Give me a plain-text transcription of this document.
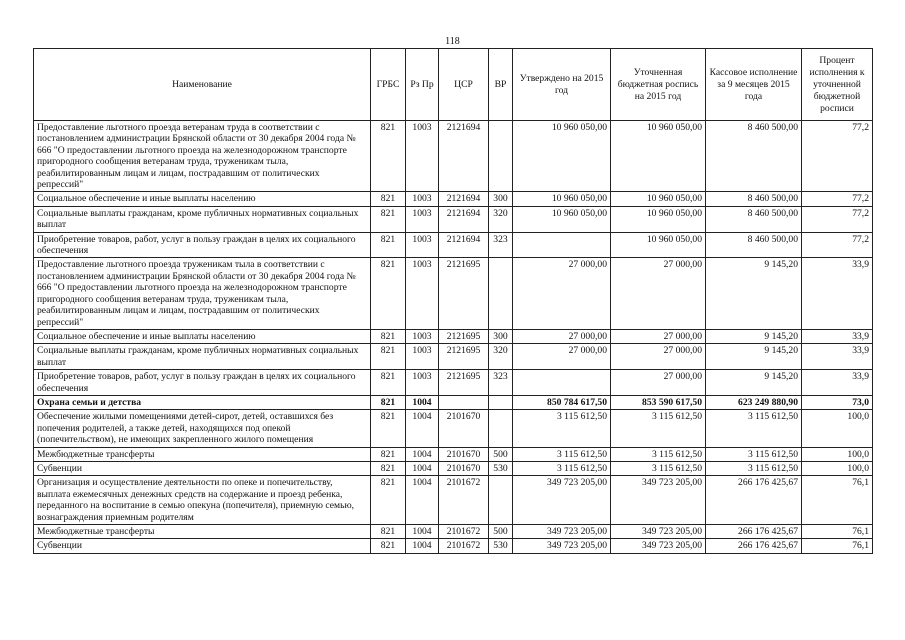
118
Наименование	ГРБС	Рз Пр	ЦСР	ВР	Утверждено на 2015 год	Уточненная бюджетная роспись на 2015 год	Кассовое исполнение за 9 месяцев 2015 года	Процент исполнения к уточненной бюджетной росписи
Предоставление льготного проезда ветеранам труда в соответствии с постановлением администрации Брянской области от 30 декабря 2004 года № 666 "О предоставлении льготного проезда на железнодорожном транспорте пригородного сообщения ветеранам труда, труженикам тыла, реабилитированным лицам и лицам, пострадавшим от политических репрессий"	821	1003	2121694		10 960 050,00	10 960 050,00	8 460 500,00	77,2
Социальное обеспечение и иные выплаты населению	821	1003	2121694	300	10 960 050,00	10 960 050,00	8 460 500,00	77,2
Социальные выплаты гражданам, кроме публичных нормативных социальных выплат	821	1003	2121694	320	10 960 050,00	10 960 050,00	8 460 500,00	77,2
Приобретение товаров, работ, услуг в пользу граждан в целях их социального обеспечения	821	1003	2121694	323		10 960 050,00	8 460 500,00	77,2
Предоставление льготного проезда труженикам тыла в соответствии с постановлением администрации Брянской области от 30 декабря 2004 года № 666 "О предоставлении льготного проезда на железнодорожном транспорте пригородного сообщения ветеранам труда, труженикам тыла, реабилитированным лицам и лицам, пострадавшим от политических репрессий"	821	1003	2121695		27 000,00	27 000,00	9 145,20	33,9
Социальное обеспечение и иные выплаты населению	821	1003	2121695	300	27 000,00	27 000,00	9 145,20	33,9
Социальные выплаты гражданам, кроме публичных нормативных социальных выплат	821	1003	2121695	320	27 000,00	27 000,00	9 145,20	33,9
Приобретение товаров, работ, услуг в пользу граждан в целях их социального обеспечения	821	1003	2121695	323		27 000,00	9 145,20	33,9
Охрана семьи и детства	821	1004			850 784 617,50	853 590 617,50	623 249 880,90	73,0
Обеспечение жилыми помещениями детей-сирот, детей, оставшихся без попечения родителей, а также детей, находящихся под опекой (попечительством), не имеющих закрепленного жилого помещения	821	1004	2101670		3 115 612,50	3 115 612,50	3 115 612,50	100,0
Межбюджетные трансферты	821	1004	2101670	500	3 115 612,50	3 115 612,50	3 115 612,50	100,0
Субвенции	821	1004	2101670	530	3 115 612,50	3 115 612,50	3 115 612,50	100,0
Организация и осуществление деятельности по опеке и попечительству, выплата ежемесячных денежных средств на содержание и проезд ребенка, переданного на воспитание в семью опекуна (попечителя), приемную семью, вознаграждения приемным родителям	821	1004	2101672		349 723 205,00	349 723 205,00	266 176 425,67	76,1
Межбюджетные трансферты	821	1004	2101672	500	349 723 205,00	349 723 205,00	266 176 425,67	76,1
Субвенции	821	1004	2101672	530	349 723 205,00	349 723 205,00	266 176 425,67	76,1
